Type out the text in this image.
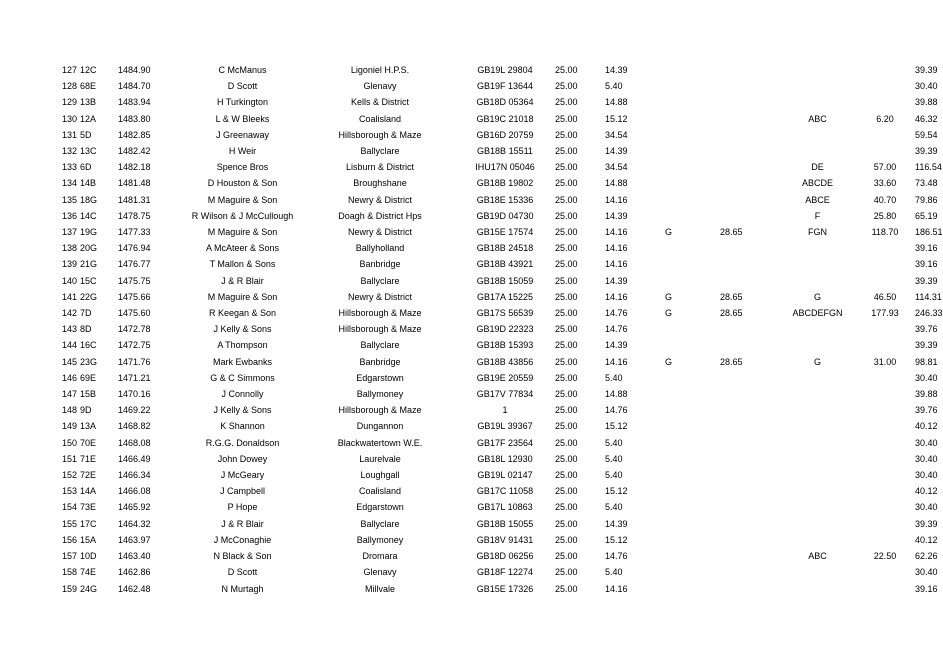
127	12C	1484.90	C McManus	Ligoniel H.P.S.	GB19L 29804	25.00	14.39					39.39
128	68E	1484.70	D Scott	Glenavy	GB19F 13644	25.00	5.40					30.40
129	13B	1483.94	H Turkington	Kells & District	GB18D 05364	25.00	14.88					39.88
130	12A	1483.80	L & W Bleeks	Coalisland	GB19C 21018	25.00	15.12			ABC	6.20	46.32
131	5D	1482.85	J Greenaway	Hillsborough & Maze	GB16D 20759	25.00	34.54					59.54
132	13C	1482.42	H Weir	Ballyclare	GB18B 15511	25.00	14.39					39.39
133	6D	1482.18	Spence Bros	Lisburn & District	IHU17N 05046	25.00	34.54			DE	57.00	116.54
134	14B	1481.48	D Houston & Son	Broughshane	GB18B 19802	25.00	14.88			ABCDE	33.60	73.48
135	18G	1481.31	M Maguire & Son	Newry & District	GB18E 15336	25.00	14.16			ABCE	40.70	79.86
136	14C	1478.75	R Wilson & J McCullough	Doagh & District Hps	GB19D 04730	25.00	14.39			F	25.80	65.19
137	19G	1477.33	M Maguire & Son	Newry & District	GB15E 17574	25.00	14.16	G	28.65	FGN	118.70	186.51
138	20G	1476.94	A McAteer & Sons	Ballyholland	GB18B 24518	25.00	14.16					39.16
139	21G	1476.77	T Mallon & Sons	Banbridge	GB18B 43921	25.00	14.16					39.16
140	15C	1475.75	J & R Blair	Ballyclare	GB18B 15059	25.00	14.39					39.39
141	22G	1475.66	M Maguire & Son	Newry & District	GB17A 15225	25.00	14.16	G	28.65	G	46.50	114.31
142	7D	1475.60	R Keegan & Son	Hillsborough & Maze	GB17S 56539	25.00	14.76	G	28.65	ABCDEFGN	177.93	246.33
143	8D	1472.78	J Kelly & Sons	Hillsborough & Maze	GB19D 22323	25.00	14.76					39.76
144	16C	1472.75	A Thompson	Ballyclare	GB18B 15393	25.00	14.39					39.39
145	23G	1471.76	Mark Ewbanks	Banbridge	GB18B 43856	25.00	14.16	G	28.65	G	31.00	98.81
146	69E	1471.21	G & C Simmons	Edgarstown	GB19E 20559	25.00	5.40					30.40
147	15B	1470.16	J Connolly	Ballymoney	GB17V 77834	25.00	14.88					39.88
148	9D	1469.22	J Kelly & Sons	Hillsborough & Maze	1	25.00	14.76					39.76
149	13A	1468.82	K Shannon	Dungannon	GB19L 39367	25.00	15.12					40.12
150	70E	1468.08	R.G.G. Donaldson	Blackwatertown W.E.	GB17F 23564	25.00	5.40					30.40
151	71E	1466.49	John Dowey	Laurelvale	GB18L 12930	25.00	5.40					30.40
152	72E	1466.34	J McGeary	Loughgall	GB19L 02147	25.00	5.40					30.40
153	14A	1466.08	J Campbell	Coalisland	GB17C 11058	25.00	15.12					40.12
154	73E	1465.92	P Hope	Edgarstown	GB17L 10863	25.00	5.40					30.40
155	17C	1464.32	J & R Blair	Ballyclare	GB18B 15055	25.00	14.39					39.39
156	15A	1463.97	J McConaghie	Ballymoney	GB18V 91431	25.00	15.12					40.12
157	10D	1463.40	N Black & Son	Dromara	GB18D 06256	25.00	14.76			ABC	22.50	62.26
158	74E	1462.86	D Scott	Glenavy	GB18F 12274	25.00	5.40					30.40
159	24G	1462.48	N Murtagh	Millvale	GB15E 17326	25.00	14.16					39.16
